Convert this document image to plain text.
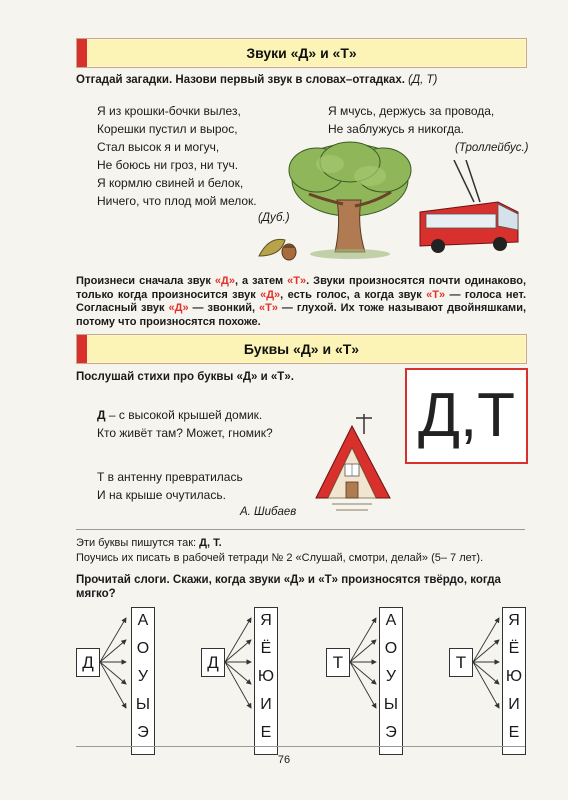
Звуки «Д» и «Т»
Отгадай загадки. Назови первый звук в словах–отгадках. (Д, Т)
Я из крошки-бочки вылез,
Корешки пустил и вырос,
Стал высок я и могуч,
Не боюсь ни гроз, ни туч.
Я кормлю свиней и белок,
Ничего, что плод мой мелок.
(Дуб.)
Я мчусь, держусь за провода,
Не заблужусь я никогда.
(Троллейбус.)
Произнеси сначала звук «Д», а затем «Т». Звуки произносятся почти одинаково, только когда произносится звук «Д», есть голос, а когда звук «Т» — голоса нет. Согласный звук «Д» — звонкий, «Т» — глухой. Их тоже называют двойняшками, потому что произносятся похоже.
Буквы «Д» и «Т»
Послушай стихи про буквы «Д» и «Т».
Д – с высокой крышей домик.
Кто живёт там? Может, гномик?
Т в антенну превратилась
И на крыше очутилась.
А. Шибаев
Д,Т
Эти буквы пишутся так: Д, Т.
Поучись их писать в рабочей тетради № 2 «Слушай, смотри, делай» (5– 7 лет).
Прочитай слоги. Скажи, когда звуки «Д» и «Т» произносятся твёрдо, когда мягко?
Д
А
О
У
Ы
Э
Д
Я
Ё
Ю
И
Е
Т
А
О
У
Ы
Э
Т
Я
Ё
Ю
И
Е
76
